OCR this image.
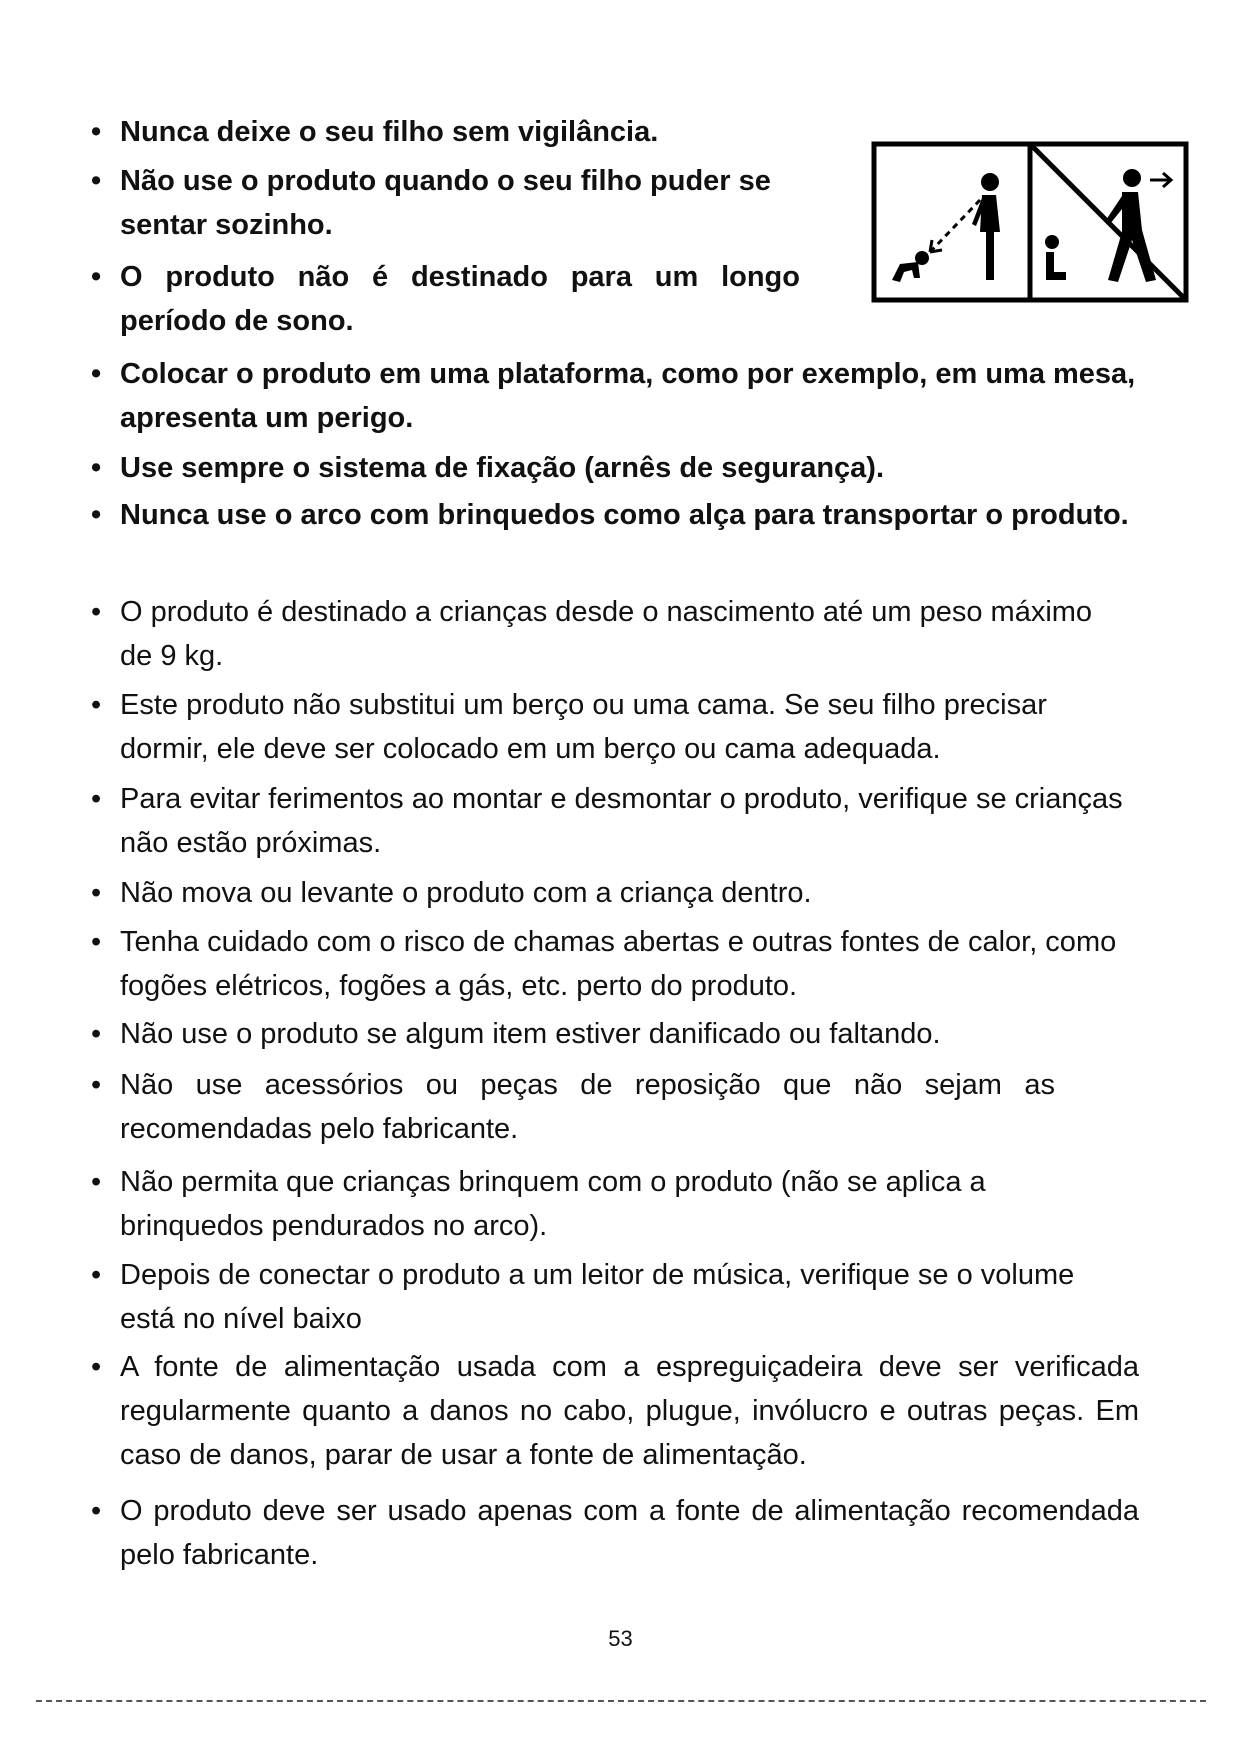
• Nunca deixe o seu filho sem vigilância.
• Não use o produto quando o seu filho puder se sentar sozinho.
• O produto não é destinado para um longo período de sono.
• Colocar o produto em uma plataforma, como por exemplo, em uma mesa, apresenta um perigo.
• Use sempre o sistema de fixação (arnês de segurança).
• Nunca use o arco com brinquedos como alça para transportar o produto.
• O produto é destinado a crianças desde o nascimento até um peso máximo de 9 kg.
• Este produto não substitui um berço ou uma cama. Se seu filho precisar dormir, ele deve ser colocado em um berço ou cama adequada.
• Para evitar ferimentos ao montar e desmontar o produto, verifique se crianças não estão próximas.
• Não mova ou levante o produto com a criança dentro.
• Tenha cuidado com o risco de chamas abertas e outras fontes de calor, como fogões elétricos, fogões a gás, etc. perto do produto.
• Não use o produto se algum item estiver danificado ou faltando.
• Não use acessórios ou peças de reposição que não sejam as recomendadas pelo fabricante.
• Não permita que crianças brinquem com o produto (não se aplica a brinquedos pendurados no arco).
• Depois de conectar o produto a um leitor de música, verifique se o volume está no nível baixo
• A fonte de alimentação usada com a espreguiçadeira deve ser verificada regularmente quanto a danos no cabo, plugue, invólucro e outras peças. Em caso de danos, parar de usar a fonte de alimentação.
• O produto deve ser usado apenas com a fonte de alimentação recomendada pelo fabricante.
53
